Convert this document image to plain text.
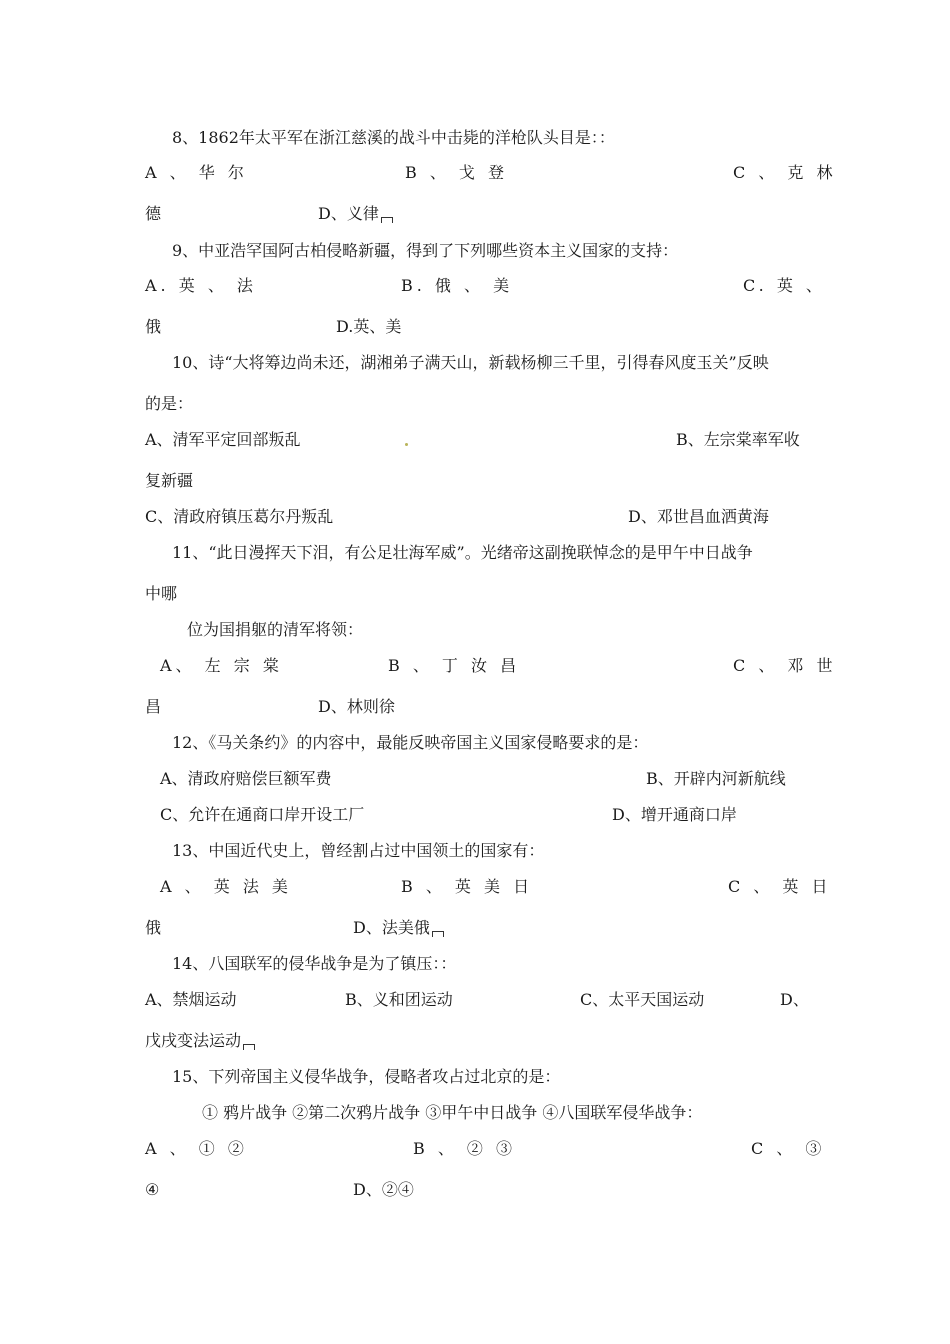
8、1862年太平军在浙江慈溪的战斗中击毙的洋枪队头目是：：
A 、 华 尔	B 、 戈 登	C 、 克 林
德	D、义律
9、中亚浩罕国阿古柏侵略新疆，得到了下列哪些资本主义国家的支持：
A. 英 、 法	B. 俄 、 美	C. 英 、
俄	D.英、美
10、诗“大将筹边尚未还，湖湘弟子满天山，新载杨柳三千里，引得春风度玉关”反映
的是：
A、清军平定回部叛乱	B、左宗棠率军收
复新疆
C、清政府镇压葛尔丹叛乱	D、邓世昌血洒黄海
11、“此日漫挥天下泪，有公足壮海军威”。光绪帝这副挽联悼念的是甲午中日战争
中哪
位为国捐躯的清军将领：
A、 左 宗 棠	B 、 丁 汝 昌	C 、 邓 世
昌	D、林则徐
12、《马关条约》的内容中，最能反映帝国主义国家侵略要求的是：
A、清政府赔偿巨额军费	B、开辟内河新航线
C、允许在通商口岸开设工厂	D、增开通商口岸
13、中国近代史上，曾经割占过中国领土的国家有：
A 、 英 法 美	B 、 英 美 日	C 、 英 日
俄	D、法美俄
14、八国联军的侵华战争是为了镇压：：
A、禁烟运动	B、义和团运动	C、太平天国运动	D、
戊戌变法运动
15、下列帝国主义侵华战争，侵略者攻占过北京的是：
① 鸦片战争 ②第二次鸦片战争 ③甲午中日战争 ④八国联军侵华战争：
A 、 ① ②	B 、 ② ③	C 、 ③
④	D、②④
